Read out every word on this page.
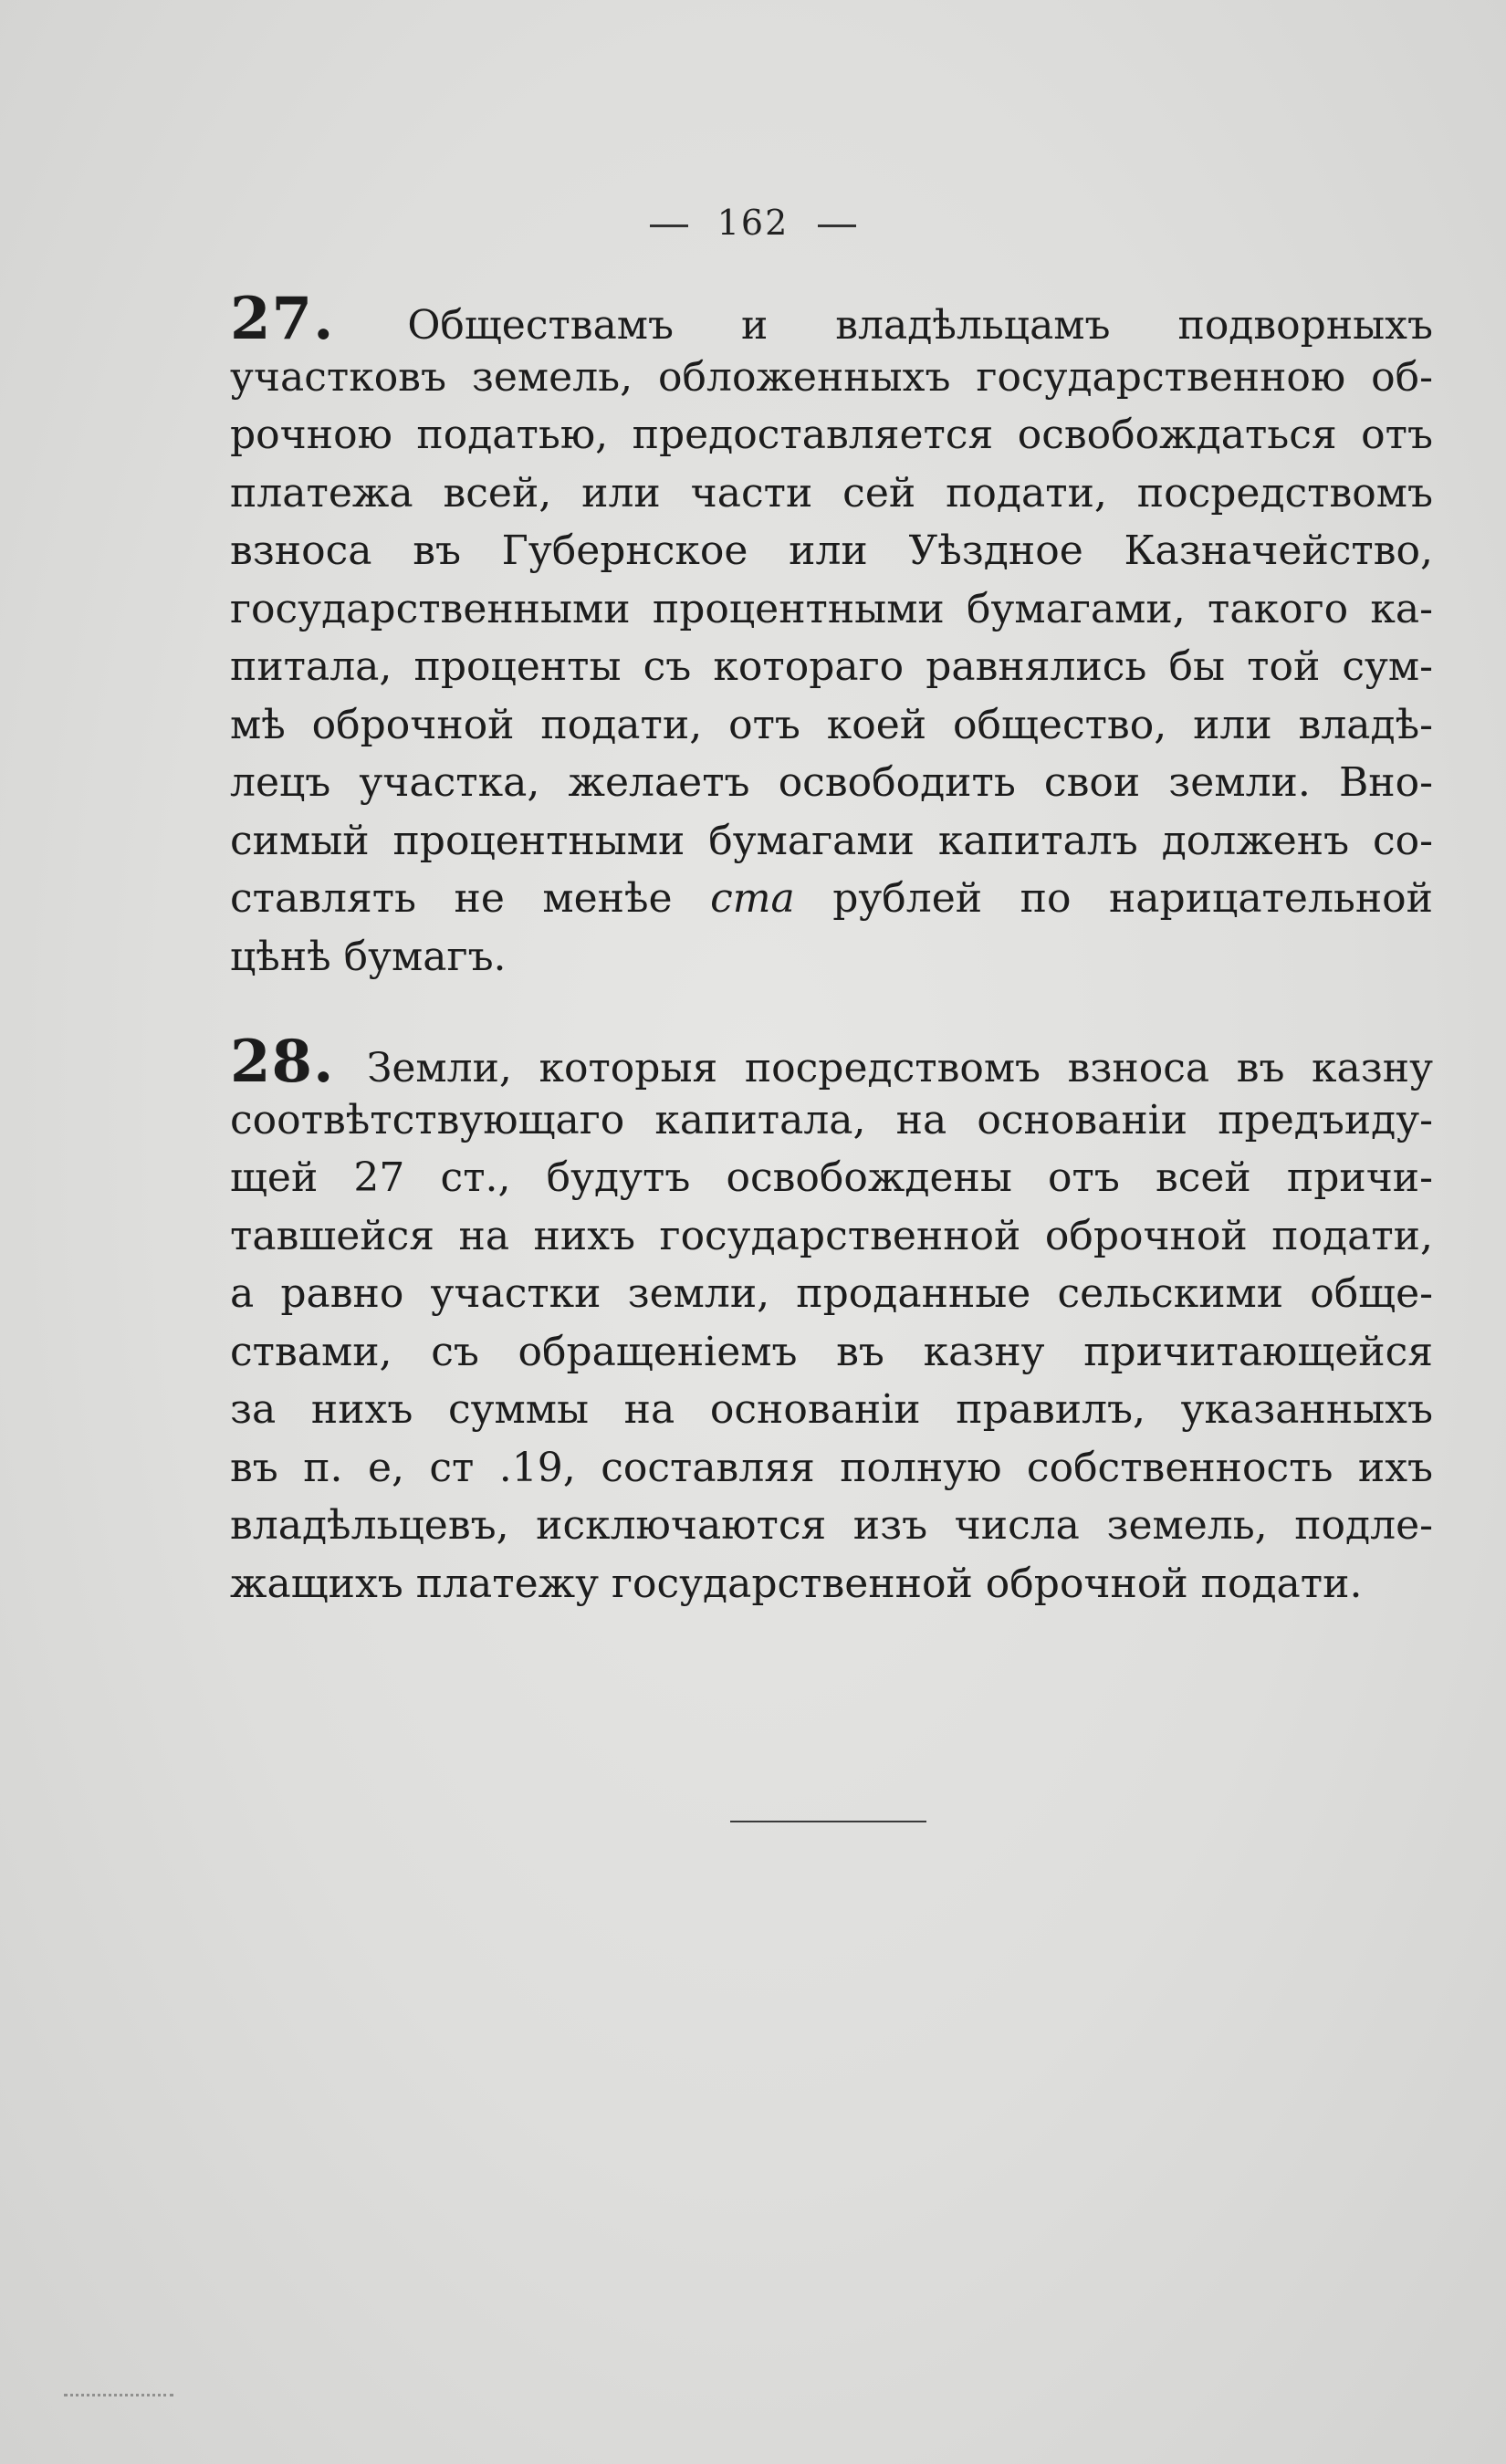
162
27. Обществамъ и владѣльцамъ подворныхъ
участковъ земель, обложенныхъ государственною об-
рочною податью, предоставляется освобождаться отъ
платежа всей, или части сей подати, посредствомъ
взноса въ Губернское или Уѣздное Казначейство,
государственными процентными бумагами, такого ка-
питала, проценты съ котораго равнялись бы той сум-
мѣ оброчной подати, отъ коей общество, или владѣ-
лецъ участка, желаетъ освободить свои земли. Вно-
симый процентными бумагами капиталъ долженъ со-
ставлять не менѣе ста рублей по нарицательной
цѣнѣ бумагъ.
28. Земли, которыя посредствомъ взноса въ казну
соотвѣтствующаго капитала, на основанiи предъиду-
щей 27 ст., будутъ освобождены отъ всей причи-
тавшейся на нихъ государственной оброчной подати,
а равно участки земли, проданные сельскими обще-
ствами, съ обращенiемъ въ казну причитающейся
за нихъ суммы на основанiи правилъ, указанныхъ
въ п. е, ст .19, составляя полную собственность ихъ
владѣльцевъ, исключаются изъ числа земель, подле-
жащихъ платежу государственной оброчной подати.
